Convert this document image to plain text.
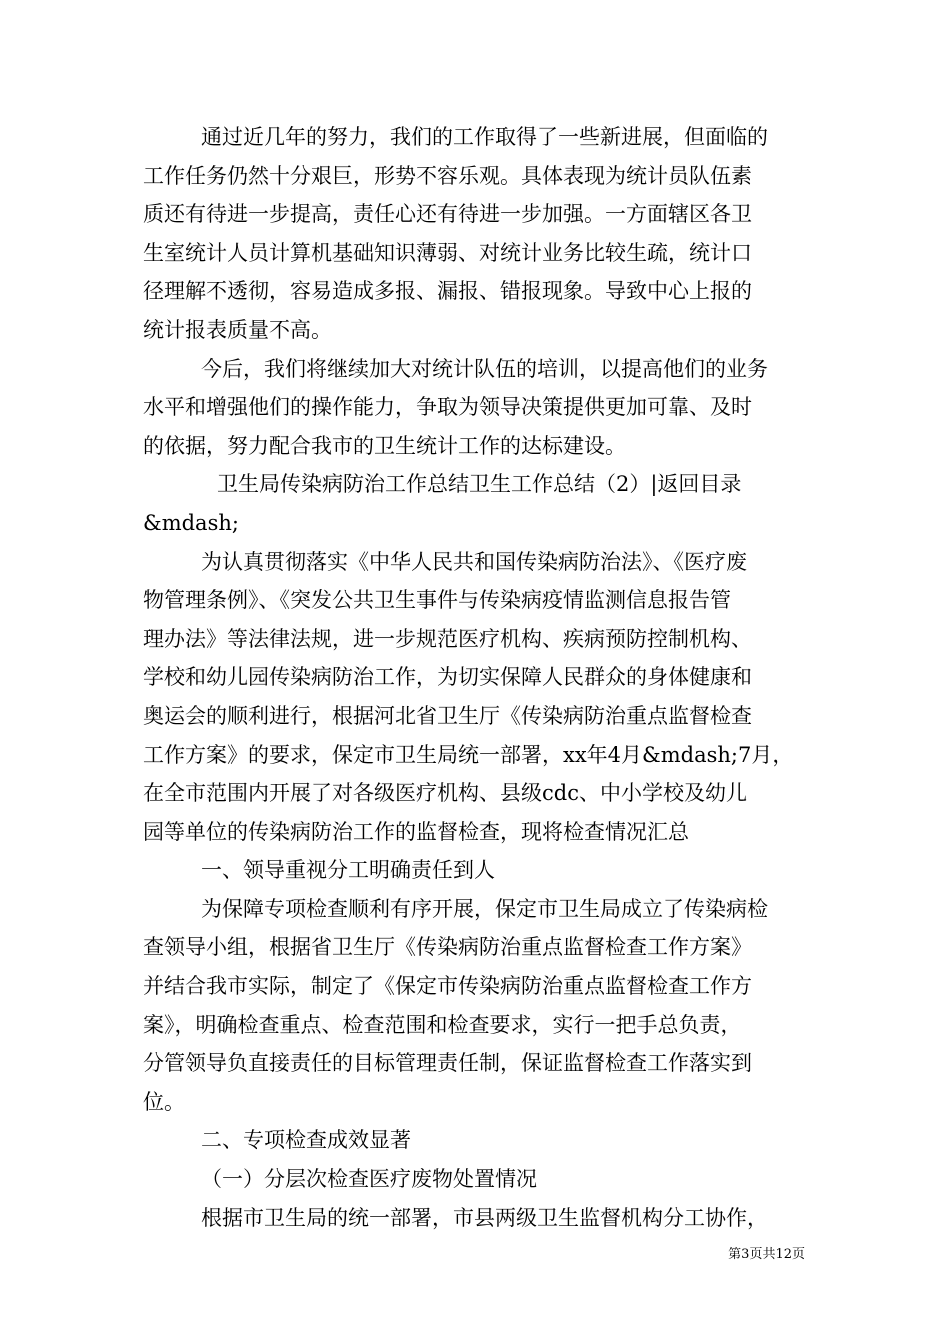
通过近几年的努力，我们的工作取得了一些新进展，但面临的
工作任务仍然十分艰巨，形势不容乐观。具体表现为统计员队伍素
质还有待进一步提高，责任心还有待进一步加强。一方面辖区各卫
生室统计人员计算机基础知识薄弱、对统计业务比较生疏，统计口
径理解不透彻，容易造成多报、漏报、错报现象。导致中心上报的
统计报表质量不高。
今后，我们将继续加大对统计队伍的培训，以提高他们的业务
水平和增强他们的操作能力，争取为领导决策提供更加可靠、及时
的依据，努力配合我市的卫生统计工作的达标建设。
卫生局传染病防治工作总结卫生工作总结（2）|返回目录
&mdash;
为认真贯彻落实《中华人民共和国传染病防治法》、《医疗废
物管理条例》、《突发公共卫生事件与传染病疫情监测信息报告管
理办法》等法律法规，进一步规范医疗机构、疾病预防控制机构、
学校和幼儿园传染病防治工作，为切实保障人民群众的身体健康和
奥运会的顺利进行，根据河北省卫生厅《传染病防治重点监督检查
工作方案》的要求，保定市卫生局统一部署，xx年4月&mdash;7月，
在全市范围内开展了对各级医疗机构、县级cdc、中小学校及幼儿
园等单位的传染病防治工作的监督检查，现将检查情况汇总
一、领导重视分工明确责任到人
为保障专项检查顺利有序开展，保定市卫生局成立了传染病检
查领导小组，根据省卫生厅《传染病防治重点监督检查工作方案》
并结合我市实际，制定了《保定市传染病防治重点监督检查工作方
案》，明确检查重点、检查范围和检查要求，实行一把手总负责，
分管领导负直接责任的目标管理责任制，保证监督检查工作落实到
位。
二、专项检查成效显著
（一）分层次检查医疗废物处置情况
根据市卫生局的统一部署，市县两级卫生监督机构分工协作，
第3页共12页
